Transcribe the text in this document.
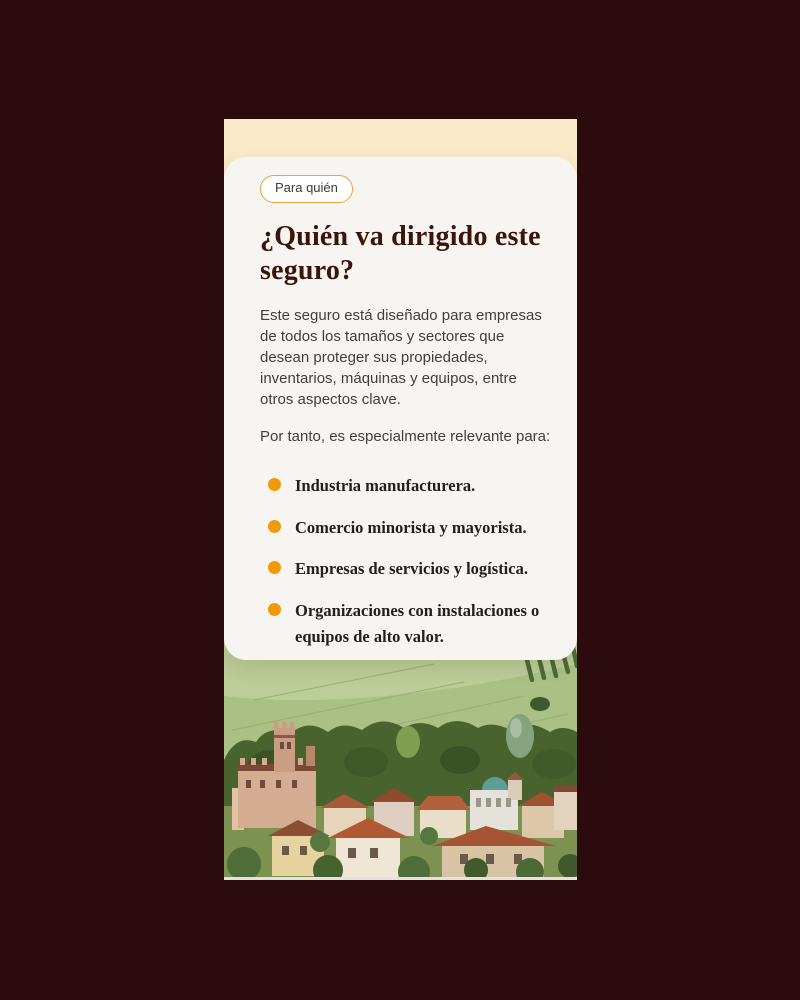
Para quién
¿Quién va dirigido este
seguro?

Este seguro está diseñado para empresas de todos los tamaños y sectores que desean proteger sus propiedades, inventarios, máquinas y equipos, entre otros aspectos clave.

Por tanto, es especialmente relevante para:

Industria manufacturera.
Comercio minorista y mayorista.
Empresas de servicios y logística.
Organizaciones con instalaciones o equipos de alto valor.
